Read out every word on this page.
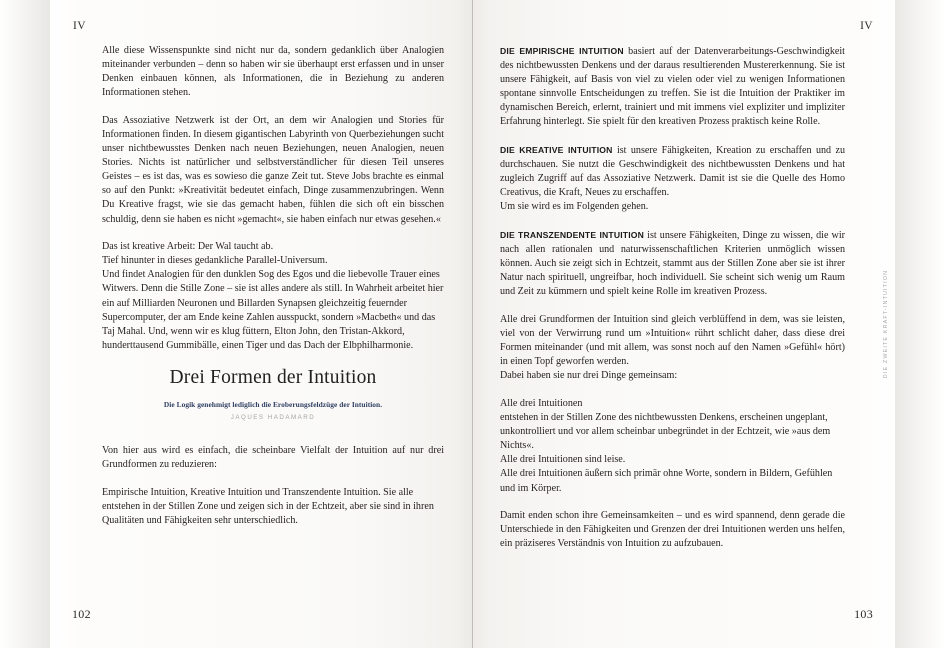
IV

Alle diese Wissenspunkte sind nicht nur da, sondern gedanklich über Analogien miteinander verbunden – denn so haben wir sie überhaupt erst erfassen und in unser Denken einbauen können, als Informationen, die in Beziehung zu anderen Informationen stehen.

Das Assoziative Netzwerk ist der Ort, an dem wir Analogien und Stories für Informationen finden. In diesem gigantischen Labyrinth von Querbeziehungen sucht unser nichtbewusstes Denken nach neuen Beziehungen, neuen Analogien, neuen Stories. Nichts ist natürlicher und selbstverständlicher für diesen Teil unseres Geistes – es ist das, was es sowieso die ganze Zeit tut. Steve Jobs brachte es einmal so auf den Punkt: »Kreativität bedeutet einfach, Dinge zusammenzubringen. Wenn Du Kreative fragst, wie sie das gemacht haben, fühlen die sich oft ein bisschen schuldig, denn sie haben es nicht »gemacht«, sie haben einfach nur etwas gesehen.«

Das ist kreative Arbeit: Der Wal taucht ab.
Tief hinunter in dieses gedankliche Parallel-Universum.
Und findet Analogien für den dunklen Sog des Egos und die liebevolle Trauer eines Witwers. Denn die Stille Zone – sie ist alles andere als still. In Wahrheit arbeitet hier ein auf Milliarden Neuronen und Billarden Synapsen gleichzeitig feuernder Supercomputer, der am Ende keine Zahlen ausspuckt, sondern »Macbeth« und das Taj Mahal. Und, wenn wir es klug füttern, Elton John, den Tristan-Akkord, hunderttausend Gummibälle, einen Tiger und das Dach der Elbphilharmonie.

Drei Formen der Intuition

Die Logik genehmigt lediglich die Eroberungsfeldzüge der Intuition.

JAQUES HADAMARD

Von hier aus wird es einfach, die scheinbare Vielfalt der Intuition auf nur drei Grundformen zu reduzieren:

Empirische Intuition, Kreative Intuition und Transzendente Intuition. Sie alle entstehen in der Stillen Zone und zeigen sich in der Echtzeit, aber sie sind in ihren Qualitäten und Fähigkeiten sehr unterschiedlich.

102
IV
DIE ZWEITE KRAFT-INTUITION

DIE EMPIRISCHE INTUITION basiert auf der Datenverarbeitungs-Geschwindigkeit des nichtbewussten Denkens und der daraus resultierenden Mustererkennung. Sie ist unsere Fähigkeit, auf Basis von viel zu vielen oder viel zu wenigen Informationen spontane sinnvolle Entscheidungen zu treffen. Sie ist die Intuition der Praktiker im dynamischen Bereich, erlernt, trainiert und mit immens viel expliziter und impliziter Erfahrung hinterlegt. Sie spielt für den kreativen Prozess praktisch keine Rolle.

DIE KREATIVE INTUITION ist unsere Fähigkeiten, Kreation zu erschaffen und zu durchschauen. Sie nutzt die Geschwindigkeit des nichtbewussten Denkens und hat zugleich Zugriff auf das Assoziative Netzwerk. Damit ist sie die Quelle des Homo Creativus, die Kraft, Neues zu erschaffen.
Um sie wird es im Folgenden gehen.

DIE TRANSZENDENTE INTUITION ist unsere Fähigkeiten, Dinge zu wissen, die wir nach allen rationalen und naturwissenschaftlichen Kriterien unmöglich wissen können. Auch sie zeigt sich in Echtzeit, stammt aus der Stillen Zone aber sie ist ihrer Natur nach spirituell, ungreifbar, hoch individuell. Sie scheint sich wenig um Raum und Zeit zu kümmern und spielt keine Rolle im kreativen Prozess.

Alle drei Grundformen der Intuition sind gleich verblüffend in dem, was sie leisten, viel von der Verwirrung rund um »Intuition« rührt schlicht daher, dass diese drei Formen miteinander (und mit allem, was sonst noch auf den Namen »Gefühl« hört) in einen Topf geworfen werden.
Dabei haben sie nur drei Dinge gemeinsam:

Alle drei Intuitionen
entstehen in der Stillen Zone des nichtbewussten Denkens, erscheinen ungeplant, unkontrolliert und vor allem scheinbar unbegründet in der Echtzeit, wie »aus dem Nichts«.
Alle drei Intuitionen sind leise.
Alle drei Intuitionen äußern sich primär ohne Worte, sondern in Bildern, Gefühlen und im Körper.

Damit enden schon ihre Gemeinsamkeiten – und es wird spannend, denn gerade die Unterschiede in den Fähigkeiten und Grenzen der drei Intuitionen werden uns helfen, ein präziseres Verständnis von Intuition zu aufzubauen.

103
